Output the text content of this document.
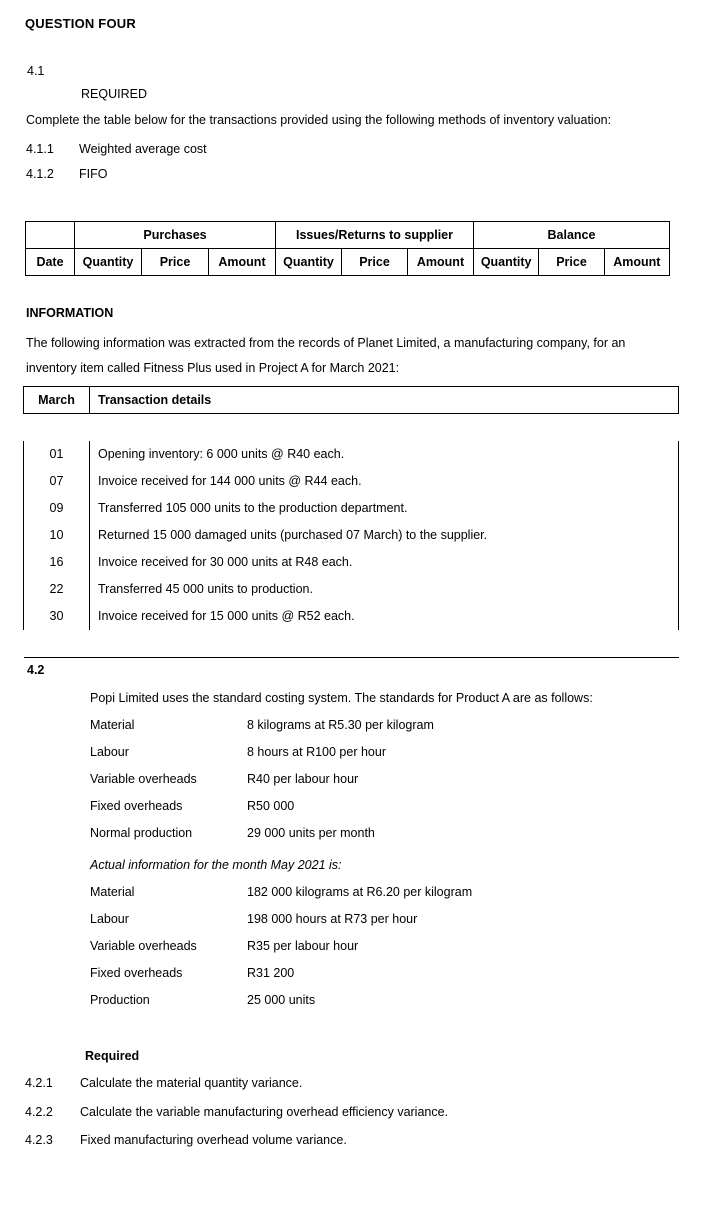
QUESTION FOUR
4.1
REQUIRED
Complete the table below for the transactions provided using the following methods of inventory valuation:
4.1.1 Weighted average cost
4.1.2 FIFO
	Purchases			Issues/Returns to supplier			Balance		
Date	Quantity	Price	Amount	Quantity	Price	Amount	Quantity	Price	Amount
INFORMATION
The following information was extracted from the records of Planet Limited, a manufacturing company, for an
inventory item called Fitness Plus used in Project A for March 2021:
March	Transaction details

01	Opening inventory: 6 000 units @ R40 each.
07	Invoice received for 144 000 units @ R44 each.
09	Transferred 105 000 units to the production department.
10	Returned 15 000 damaged units (purchased 07 March) to the supplier.
16	Invoice received for 30 000 units at R48 each.
22	Transferred 45 000 units to production.
30	Invoice received for 15 000 units @ R52 each.

4.2
Popi Limited uses the standard costing system. The standards for Product A are as follows:
Material	8 kilograms at R5.30 per kilogram
Labour	8 hours at R100 per hour
Variable overheads	R40 per labour hour
Fixed overheads	R50 000
Normal production	29 000 units per month
Actual information for the month May 2021 is:
Material	182 000 kilograms at R6.20 per kilogram
Labour	198 000 hours at R73 per hour
Variable overheads	R35 per labour hour
Fixed overheads	R31 200
Production	25 000 units
Required
4.2.1 Calculate the material quantity variance.
4.2.2 Calculate the variable manufacturing overhead efficiency variance.
4.2.3 Fixed manufacturing overhead volume variance.
